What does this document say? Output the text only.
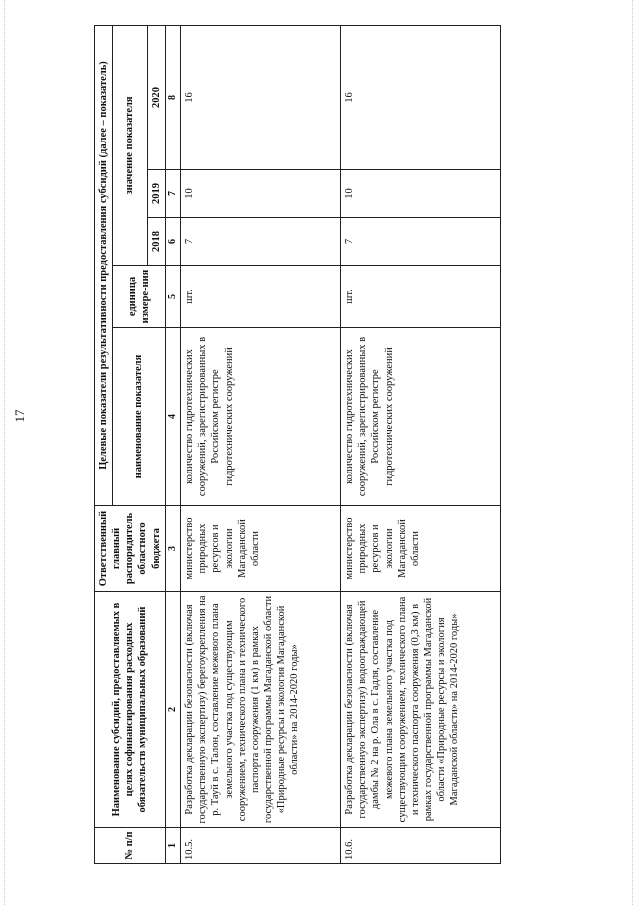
17
№ п/п	Наименование субсидий, предоставляемых в целях софинансирования расходных обязательств муниципальных образований	Ответственный главный распорядитель областного бюджета	Целевые показатели результативности предоставления субсидий (далее – показатель)				
			наименование показателя	единица измере-ния	значение показателя		
					2018	2019	2020
1	2	3	4	5	6	7	8
10.5.	Разработка декларации безопасности (включая государственную экспертизу) берегоукрепления на р. Тауй в с. Талон, составление межевого плана земельного участка под существующим сооружением, технического плана и технического паспорта сооружения (1 км) в рамках государственной программы Магаданской области «Природные ресурсы и экология Магаданской области» на 2014-2020 годы»	министерство природных ресурсов и экологии Магаданской области	количество гидротехнических сооружений, зарегистрированных в Российском регистре гидротехнических сооружений	шт.	7	10	16
10.6.	Разработка декларации безопасности (включая государственную экспертизу) водоограждающей дамбы № 2 на р. Ола в с. Гадля, составление межевого плана земельного участка под существующим сооружением, технического плана и технического паспорта сооружения (0,3 км) в рамках государственной программы Магаданской области «Природные ресурсы и экология Магаданской области» на 2014-2020 годы»	министерство природных ресурсов и экологии Магаданской области	количество гидротехнических сооружений, зарегистрированных в Российском регистре гидротехнических сооружений	шт.	7	10	16
